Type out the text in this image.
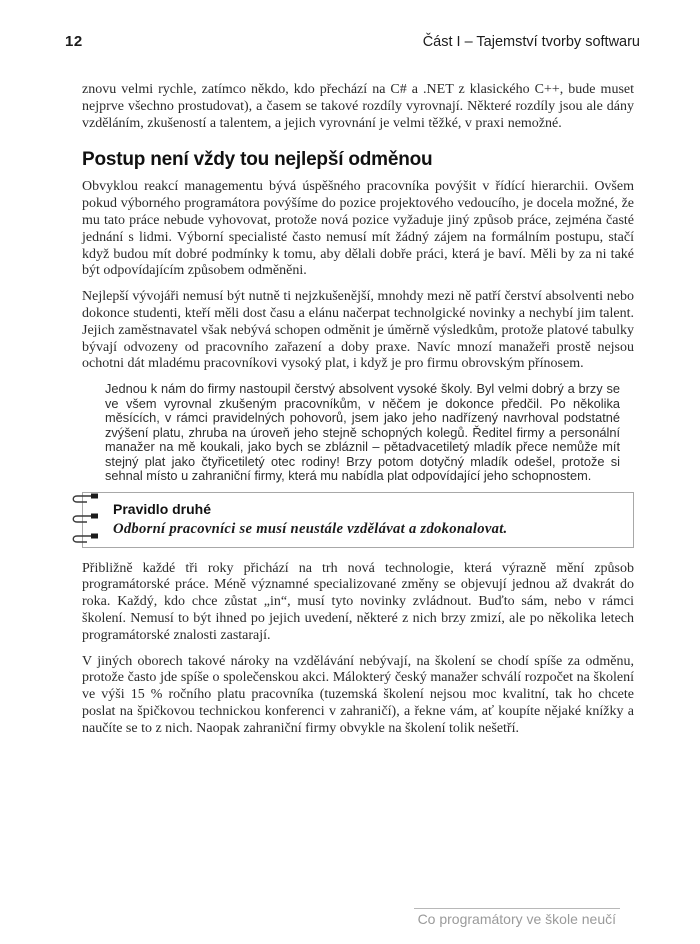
12	Část I – Tajemství tvorby softwaru

znovu velmi rychle, zatímco někdo, kdo přechází na C# a .NET z klasického C++, bude muset nejprve všechno prostudovat), a časem se takové rozdíly vyrovnají. Některé rozdíly jsou ale dány vzděláním, zkušeností a talentem, a jejich vyrovnání je velmi těžké, v praxi nemožné.

Postup není vždy tou nejlepší odměnou

Obvyklou reakcí managementu bývá úspěšného pracovníka povýšit v řídící hierarchii. Ovšem pokud výborného programátora povýšíme do pozice projektového vedoucího, je docela možné, že mu tato práce nebude vyhovovat, protože nová pozice vyžaduje jiný způsob práce, zejména časté jednání s lidmi. Výborní specialisté často nemusí mít žádný zájem na formálním postupu, stačí když budou mít dobré podmínky k tomu, aby dělali dobře práci, která je baví. Měli by za ni také být odpovídajícím způsobem odměněni.

Nejlepší vývojáři nemusí být nutně ti nejzkušenější, mnohdy mezi ně patří čerství absolventi nebo dokonce studenti, kteří měli dost času a elánu načerpat technolgické novinky a nechybí jim talent. Jejich zaměstnavatel však nebývá schopen odměnit je úměrně výsledkům, protože platové tabulky bývají odvozeny od pracovního zařazení a doby praxe. Navíc mnozí manažeři prostě nejsou ochotni dát mladému pracovníkovi vysoký plat, i když je pro firmu obrovským přínosem.

Jednou k nám do firmy nastoupil čerstvý absolvent vysoké školy. Byl velmi dobrý a brzy se ve všem vyrovnal zkušeným pracovníkům, v něčem je dokonce předčil. Po několika měsících, v rámci pravidelných pohovorů, jsem jako jeho nadřízený navrhoval podstatné zvýšení platu, zhruba na úroveň jeho stejně schopných kolegů. Ředitel firmy a personální manažer na mě koukali, jako bych se zbláznil – pětadvacetiletý mladík přece nemůže mít stejný plat jako čtyřicetiletý otec rodiny! Brzy potom dotyčný mladík odešel, protože si sehnal místo u zahraniční firmy, která mu nabídla plat odpovídající jeho schopnostem.

Pravidlo druhé

Odborní pracovníci se musí neustále vzdělávat a zdokonalovat.

Přibližně každé tři roky přichází na trh nová technologie, která výrazně mění způsob programátorské práce. Méně významné specializované změny se objevují jednou až dvakrát do roka. Každý, kdo chce zůstat „in“, musí tyto novinky zvládnout. Buďto sám, nebo v rámci školení. Nemusí to být ihned po jejich uvedení, některé z nich brzy zmizí, ale po několika letech programátorské znalosti zastarají.

V jiných oborech takové nároky na vzdělávání nebývají, na školení se chodí spíše za odměnu, protože často jde spíše o společenskou akci. Málokterý český manažer schválí rozpočet na školení ve výši 15 % ročního platu pracovníka (tuzemská školení nejsou moc kvalitní, tak ho chcete poslat na špičkovou technickou konferenci v zahraničí), a řekne vám, ať koupíte nějaké knížky a naučíte se to z nich. Naopak zahraniční firmy obvykle na školení tolik nešetří.

Co programátory ve škole neučí
